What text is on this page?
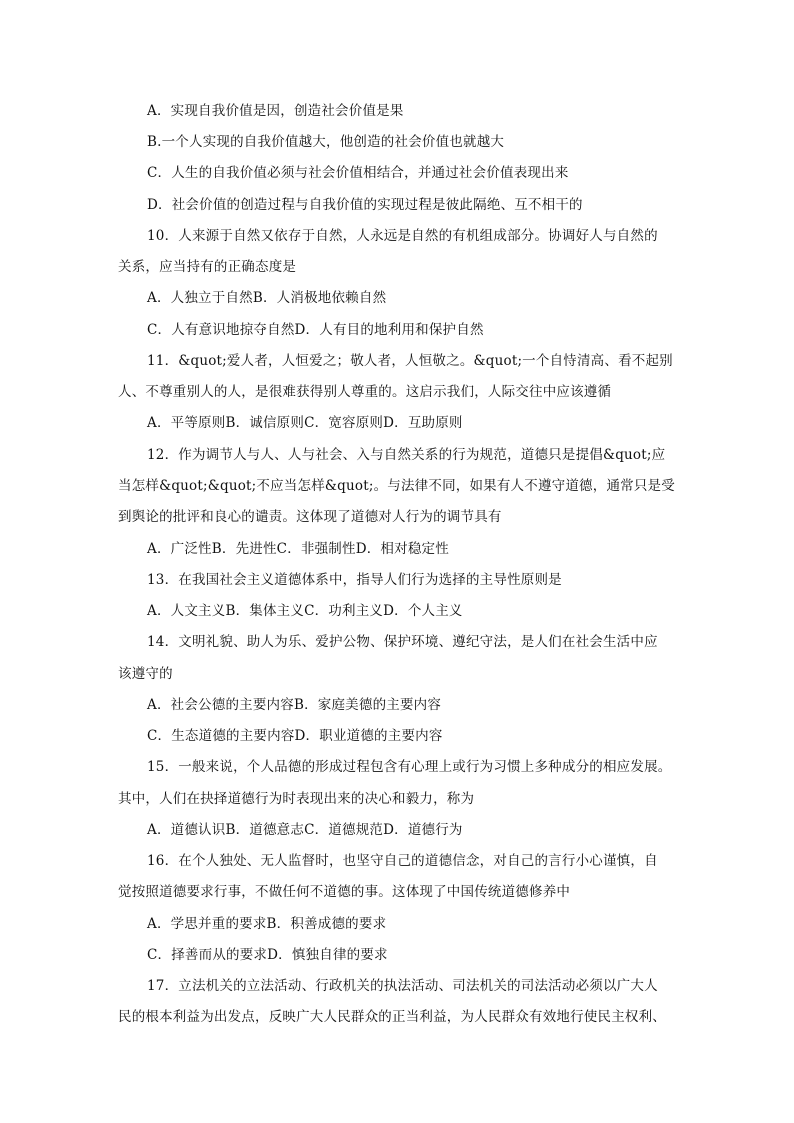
A．实现自我价值是因，创造社会价值是果
B.一个人实现的自我价值越大，他创造的社会价值也就越大
C．人生的自我价值必须与社会价值相结合，并通过社会价值表现出来
D．社会价值的创造过程与自我价值的实现过程是彼此隔绝、互不相干的
10．人来源于自然又依存于自然，人永远是自然的有机组成部分。协调好人与自然的
关系，应当持有的正确态度是
A．人独立于自然B．人消极地依赖自然
C．人有意识地掠夺自然D．人有目的地利用和保护自然
11．&quot;爱人者，人恒爱之；敬人者，人恒敬之。&quot;一个自恃清高、看不起别
人、不尊重别人的人，是很难获得别人尊重的。这启示我们，人际交往中应该遵循
A．平等原则B．诚信原则C．宽容原则D．互助原则
12．作为调节人与人、人与社会、入与自然关系的行为规范，道德只是提倡&quot;应
当怎样&quot;&quot;不应当怎样&quot;。与法律不同，如果有人不遵守道德，通常只是受
到舆论的批评和良心的谴责。这体现了道德对人行为的调节具有
A．广泛性B．先进性C．非强制性D．相对稳定性
13．在我国社会主义道德体系中，指导人们行为选择的主导性原则是
A．人文主义B．集体主义C．功利主义D．个人主义
14．文明礼貌、助人为乐、爱护公物、保护环境、遵纪守法，是人们在社会生活中应
该遵守的
A．社会公德的主要内容B．家庭美德的主要内容
C．生态道德的主要内容D．职业道德的主要内容
15．一般来说，个人品德的形成过程包含有心理上或行为习惯上多种成分的相应发展。
其中，人们在抉择道德行为时表现出来的决心和毅力，称为
A．道德认识B．道德意志C．道德规范D．道德行为
16．在个人独处、无人监督时，也坚守自己的道德信念，对自己的言行小心谨慎，自
觉按照道德要求行事，不做任何不道德的事。这体现了中国传统道德修养中
A．学思并重的要求B．积善成德的要求
C．择善而从的要求D．慎独自律的要求
17．立法机关的立法活动、行政机关的执法活动、司法机关的司法活动必须以广大人
民的根本利益为出发点，反映广大人民群众的正当利益，为人民群众有效地行使民主权利、
